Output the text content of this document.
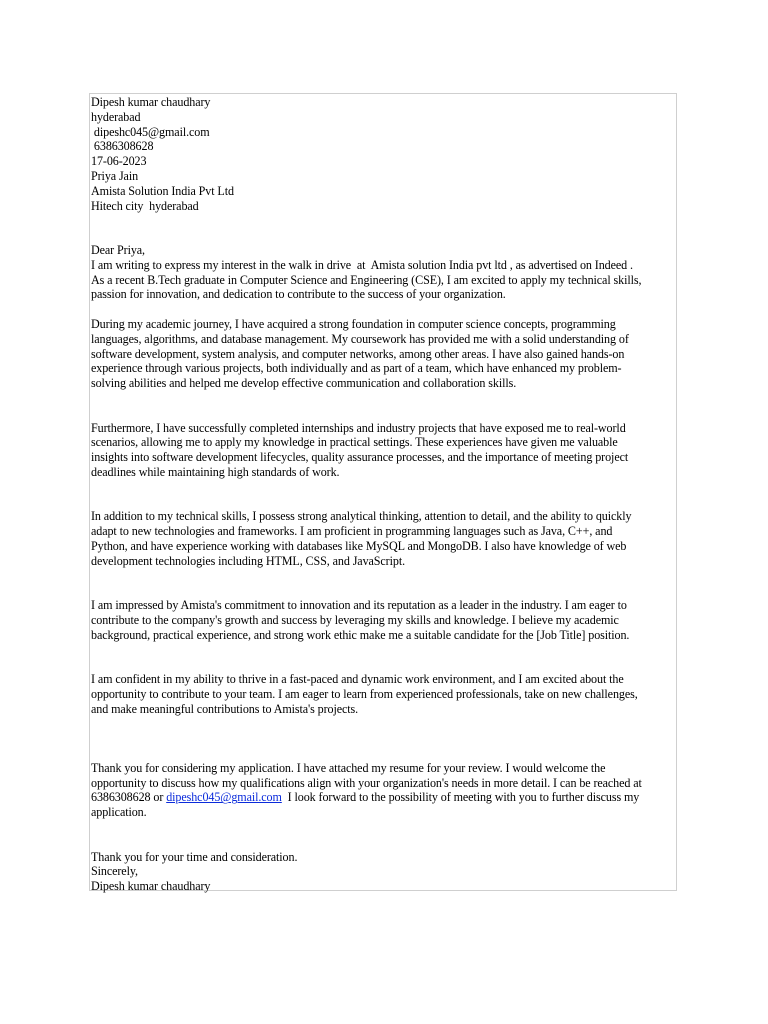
Dipesh kumar chaudhary
hyderabad
dipeshc045@gmail.com
6386308628
17-06-2023
Priya Jain
Amista Solution India Pvt Ltd
Hitech city  hyderabad
Dear Priya,
I am writing to express my interest in the walk in drive  at  Amista solution India pvt ltd , as advertised on Indeed .
As a recent B.Tech graduate in Computer Science and Engineering (CSE), I am excited to apply my technical skills,
passion for innovation, and dedication to contribute to the success of your organization.
During my academic journey, I have acquired a strong foundation in computer science concepts, programming
languages, algorithms, and database management. My coursework has provided me with a solid understanding of
software development, system analysis, and computer networks, among other areas. I have also gained hands-on
experience through various projects, both individually and as part of a team, which have enhanced my problem-
solving abilities and helped me develop effective communication and collaboration skills.
Furthermore, I have successfully completed internships and industry projects that have exposed me to real-world
scenarios, allowing me to apply my knowledge in practical settings. These experiences have given me valuable
insights into software development lifecycles, quality assurance processes, and the importance of meeting project
deadlines while maintaining high standards of work.
In addition to my technical skills, I possess strong analytical thinking, attention to detail, and the ability to quickly
adapt to new technologies and frameworks. I am proficient in programming languages such as Java, C++, and
Python, and have experience working with databases like MySQL and MongoDB. I also have knowledge of web
development technologies including HTML, CSS, and JavaScript.
I am impressed by Amista's commitment to innovation and its reputation as a leader in the industry. I am eager to
contribute to the company's growth and success by leveraging my skills and knowledge. I believe my academic
background, practical experience, and strong work ethic make me a suitable candidate for the [Job Title] position.
I am confident in my ability to thrive in a fast-paced and dynamic work environment, and I am excited about the
opportunity to contribute to your team. I am eager to learn from experienced professionals, take on new challenges,
and make meaningful contributions to Amista's projects.
Thank you for considering my application. I have attached my resume for your review. I would welcome the
opportunity to discuss how my qualifications align with your organization's needs in more detail. I can be reached at
6386308628 or dipeshc045@gmail.com  I look forward to the possibility of meeting with you to further discuss my
application.
Thank you for your time and consideration.
Sincerely,
Dipesh kumar chaudhary
